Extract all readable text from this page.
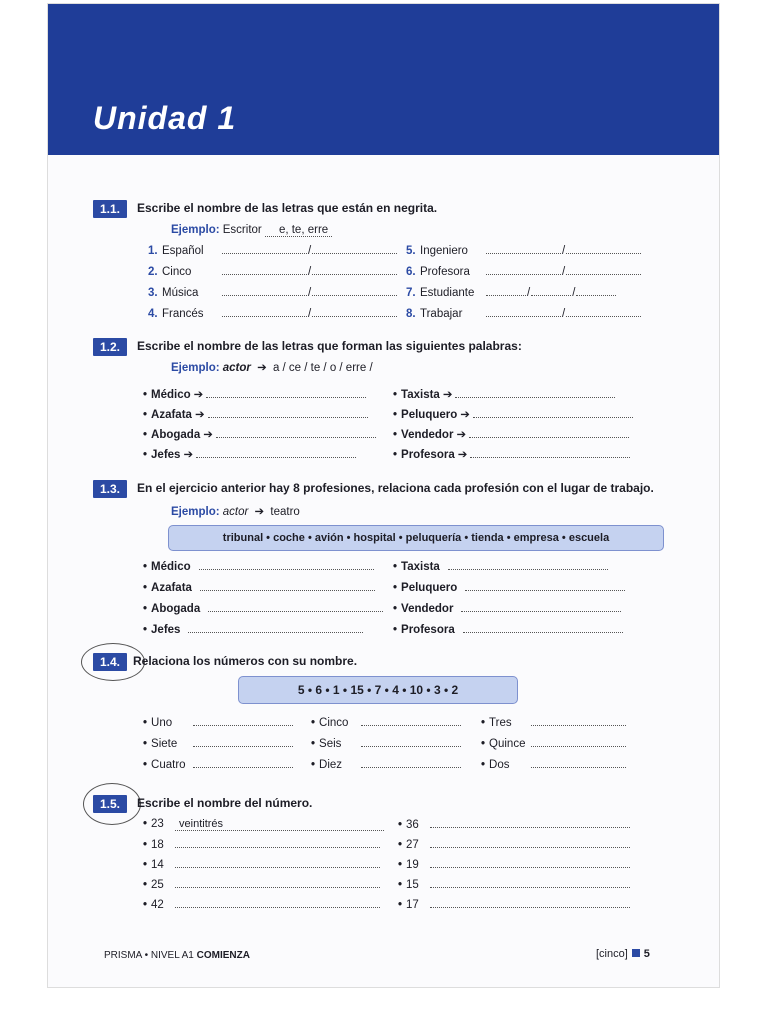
Unidad 1
1.1.	Escribe el nombre de las letras que están en negrita.
Ejemplo: Escritor e, te, erre
1. Español	/
2. Cinco	/
3. Música	/
4. Francés	/
5. Ingeniero	/
6. Profesora	/
7. Estudiante	/	/
8. Trabajar	/
1.2.	Escribe el nombre de las letras que forman las siguientes palabras:
Ejemplo: actor ➔ a / ce / te / o / erre /
• Médico ➔
• Azafata ➔
• Abogada ➔
• Jefes ➔
• Taxista ➔
• Peluquero ➔
• Vendedor ➔
• Profesora ➔
1.3.	En el ejercicio anterior hay 8 profesiones, relaciona cada profesión con el lugar de trabajo.
Ejemplo: actor ➔ teatro
tribunal • coche • avión • hospital • peluquería • tienda • empresa • escuela
• Médico
• Azafata
• Abogada
• Jefes
• Taxista
• Peluquero
• Vendedor
• Profesora
1.4.	Relaciona los números con su nombre.
5 • 6 • 1 • 15 • 7 • 4 • 10 • 3 • 2
• Uno
• Siete
• Cuatro
• Cinco
• Seis
• Diez
• Tres
• Quince
• Dos
1.5.	Escribe el nombre del número.
• 23	veintitrés
• 18
• 14
• 25
• 42
• 36
• 27
• 19
• 15
• 17
PRISMA • NIVEL A1 COMIENZA	[cinco] 5
